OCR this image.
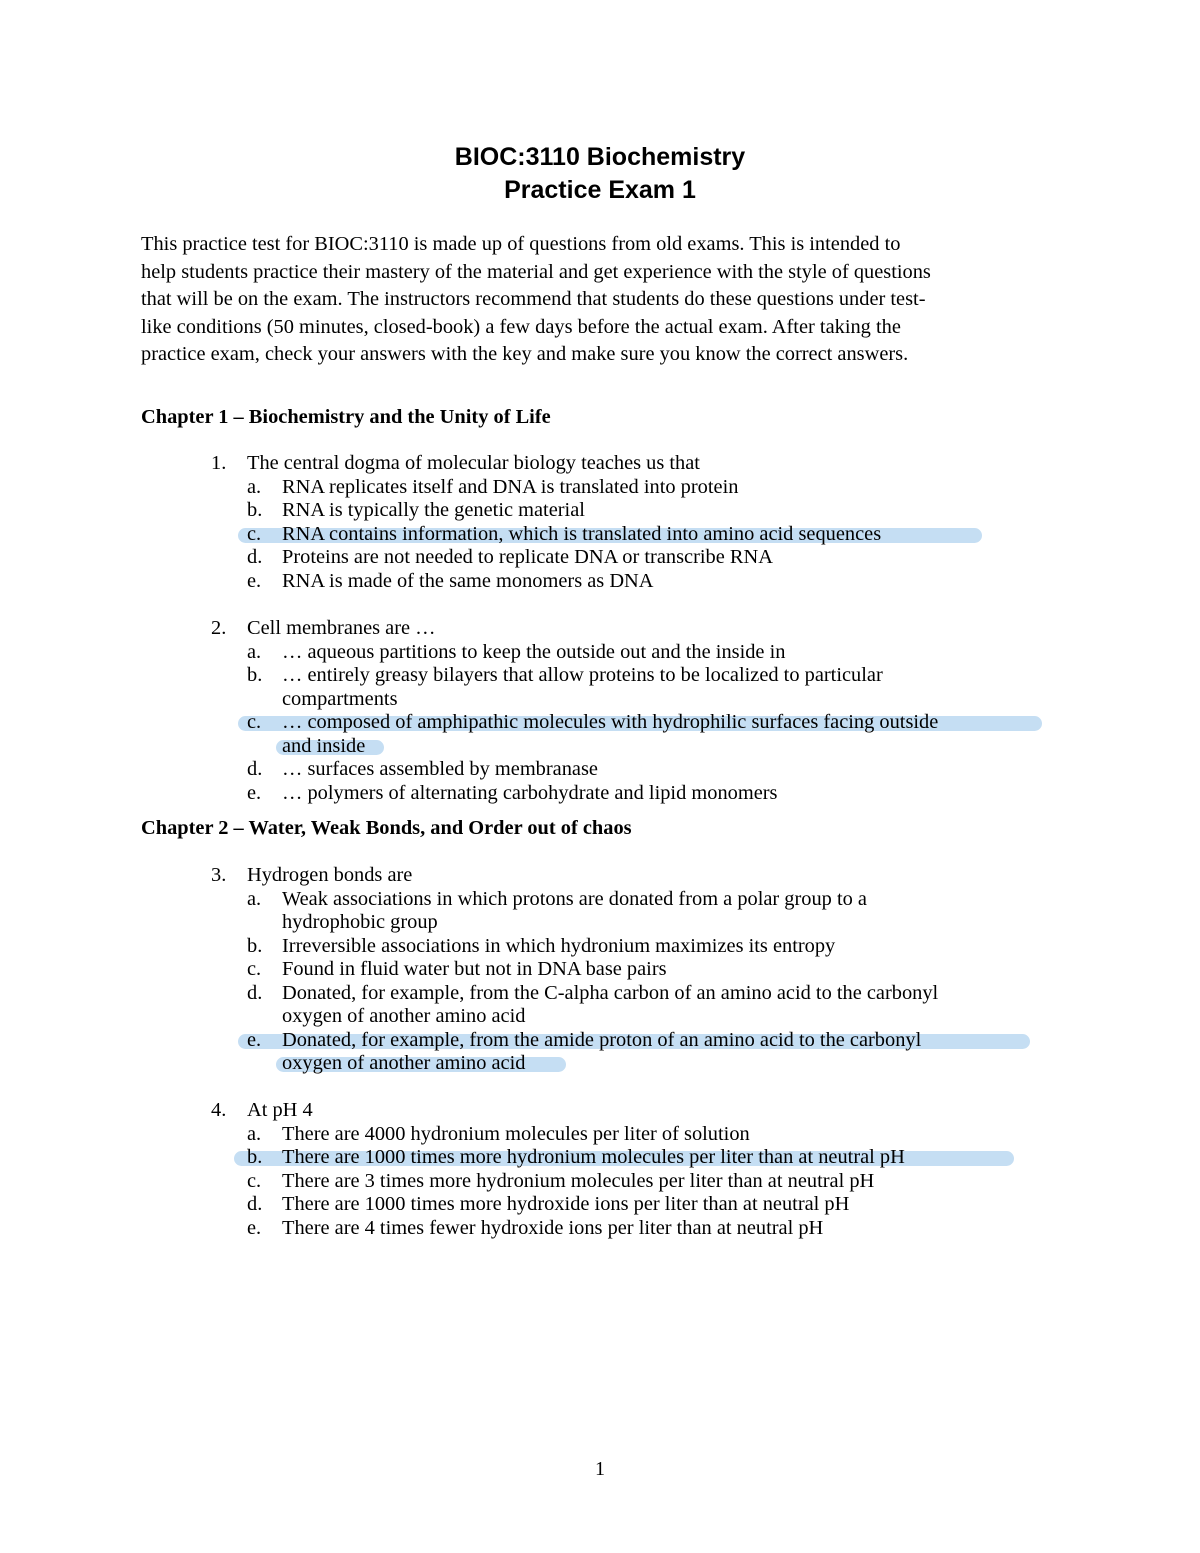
BIOC:3110 Biochemistry
Practice Exam 1
This practice test for BIOC:3110 is made up of questions from old exams. This is intended to
help students practice their mastery of the material and get experience with the style of questions
that will be on the exam. The instructors recommend that students do these questions under test-
like conditions (50 minutes, closed-book) a few days before the actual exam. After taking the
practice exam, check your answers with the key and make sure you know the correct answers.
Chapter 1 – Biochemistry and the Unity of Life
1. The central dogma of molecular biology teaches us that
a. RNA replicates itself and DNA is translated into protein
b. RNA is typically the genetic material
c. RNA contains information, which is translated into amino acid sequences
d. Proteins are not needed to replicate DNA or transcribe RNA
e. RNA is made of the same monomers as DNA
2. Cell membranes are …
a. … aqueous partitions to keep the outside out and the inside in
b. … entirely greasy bilayers that allow proteins to be localized to particular
compartments
c. … composed of amphipathic molecules with hydrophilic surfaces facing outside
and inside
d. … surfaces assembled by membranase
e. … polymers of alternating carbohydrate and lipid monomers
Chapter 2 – Water, Weak Bonds, and Order out of chaos
3. Hydrogen bonds are
a. Weak associations in which protons are donated from a polar group to a
hydrophobic group
b. Irreversible associations in which hydronium maximizes its entropy
c. Found in fluid water but not in DNA base pairs
d. Donated, for example, from the C-alpha carbon of an amino acid to the carbonyl
oxygen of another amino acid
e. Donated, for example, from the amide proton of an amino acid to the carbonyl
oxygen of another amino acid
4. At pH 4
a. There are 4000 hydronium molecules per liter of solution
b. There are 1000 times more hydronium molecules per liter than at neutral pH
c. There are 3 times more hydronium molecules per liter than at neutral pH
d. There are 1000 times more hydroxide ions per liter than at neutral pH
e. There are 4 times fewer hydroxide ions per liter than at neutral pH
1
